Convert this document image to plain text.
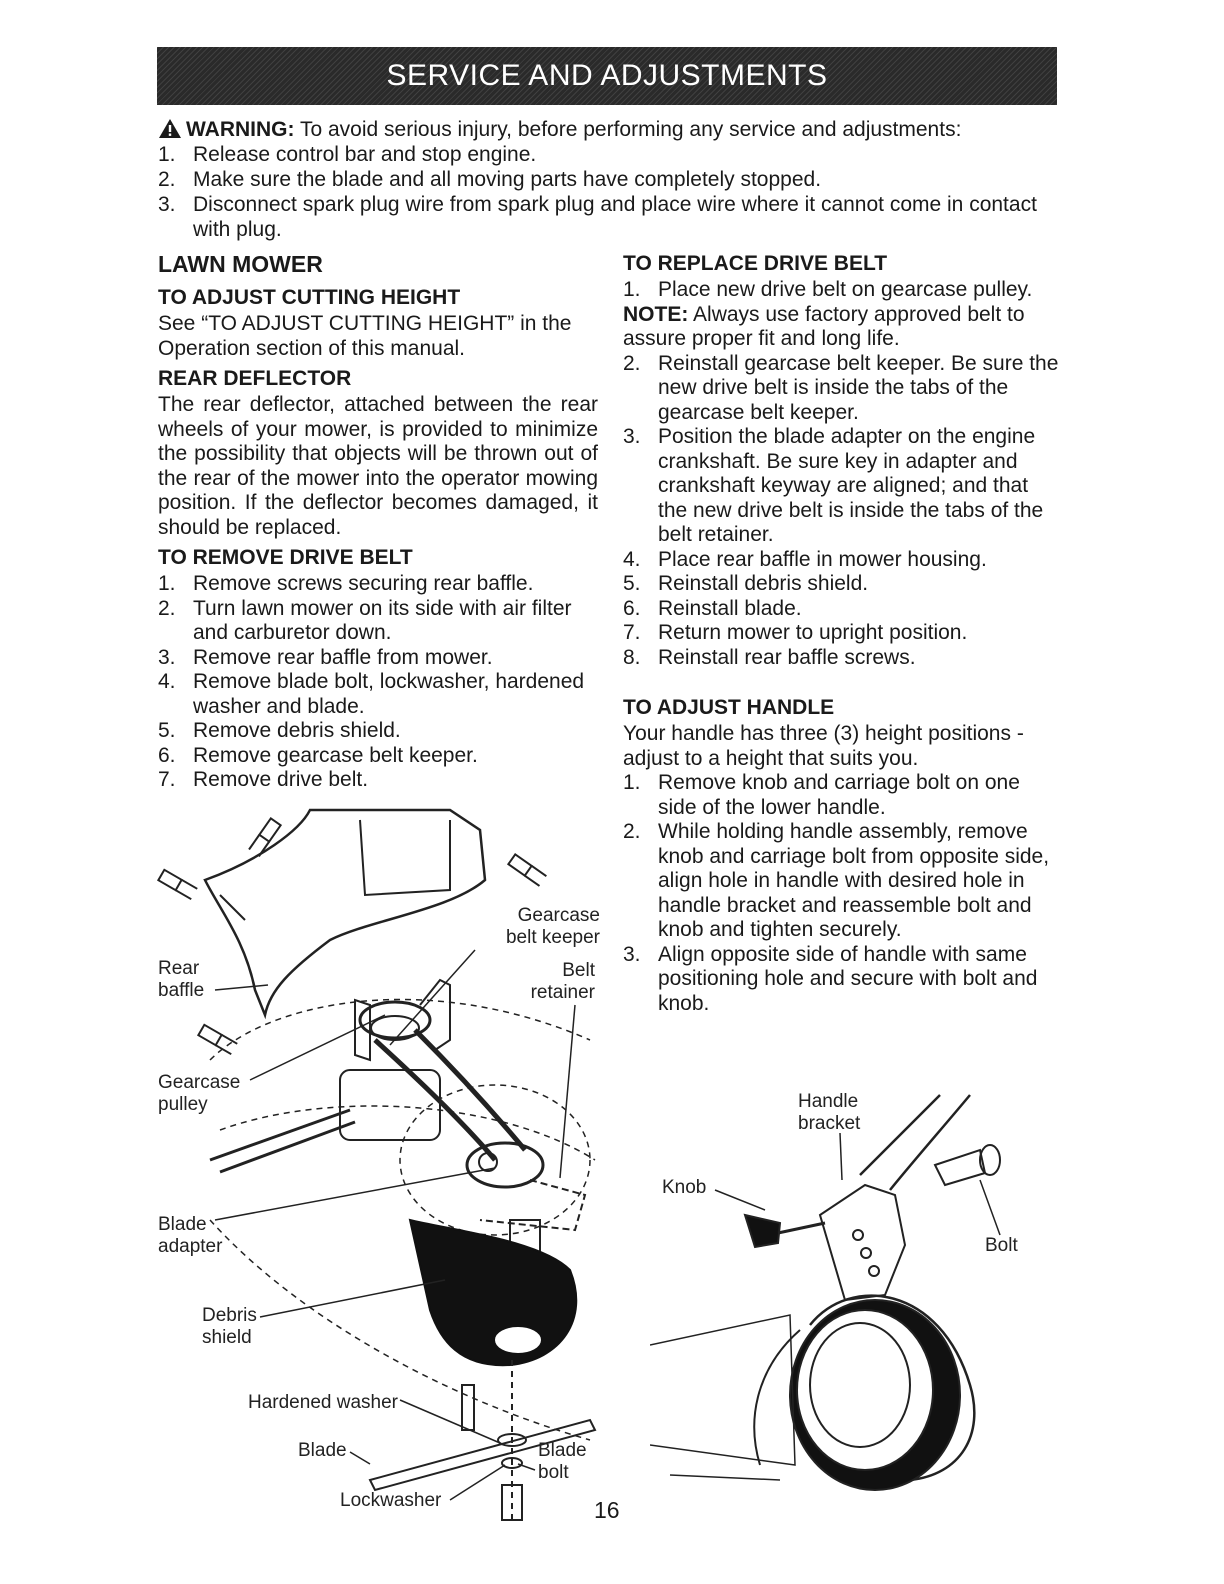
SERVICE AND ADJUSTMENTS
WARNING: To avoid serious injury, before performing any service and adjustments:
1. Release control bar and stop engine.
2. Make sure the blade and all moving parts have completely stopped.
3. Disconnect spark plug wire from spark plug and place wire where it cannot come in contact with plug.
LAWN MOWER
TO ADJUST CUTTING HEIGHT

See “TO ADJUST CUTTING HEIGHT” in the Operation section of this manual.

REAR DEFLECTOR

The rear deflector, attached between the rear wheels of your mower, is provided to minimize the possibility that objects will be thrown out of the rear of the mower into the operator mowing position. If the deflector becomes damaged, it should be replaced.

TO REMOVE DRIVE BELT
1. Remove screws securing rear baffle.
2. Turn lawn mower on its side with air filter and carburetor down.
3. Remove rear baffle from mower.
4. Remove blade bolt, lockwasher, hardened washer and blade.
5. Remove debris shield.
6. Remove gearcase belt keeper.
7. Remove drive belt.
TO REPLACE DRIVE BELT
1. Place new drive belt on gearcase pulley.

NOTE: Always use factory approved belt to assure proper fit and long life.

2. Reinstall gearcase belt keeper. Be sure the new drive belt is inside the tabs of the gearcase belt keeper.
3. Position the blade adapter on the engine crankshaft. Be sure key in adapter and crankshaft keyway are aligned; and that the new drive belt is inside the tabs of the belt retainer.
4. Place rear baffle in mower housing.
5. Reinstall debris shield.
6. Reinstall blade.
7. Return mower to upright position.
8. Reinstall rear baffle screws.
TO ADJUST HANDLE

Your handle has three (3) height positions - adjust to a height that suits you.

1. Remove knob and carriage bolt on one side of the lower handle.
2. While holding handle assembly, remove knob and carriage bolt from opposite side, align hole in handle with desired hole in handle bracket and reassemble bolt and knob and tighten securely.
3. Align opposite side of handle with same positioning hole and secure with bolt and knob.
Gearcase belt keeper
Belt retainer
Rear baffle
Gearcase pulley
Blade adapter
Debris shield
Hardened washer
Blade	Blade bolt
Lockwasher
Handle bracket
Knob
Bolt
16
